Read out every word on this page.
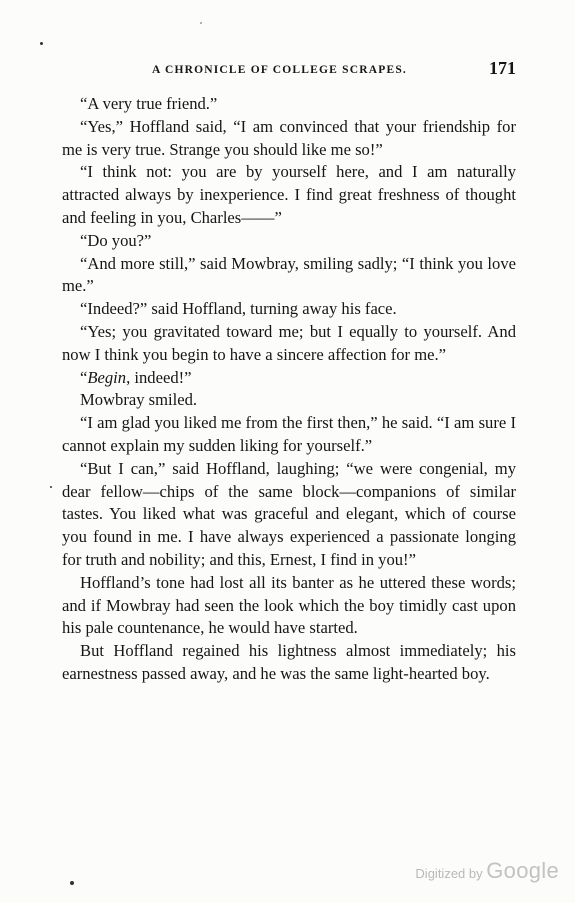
A CHRONICLE OF COLLEGE SCRAPES.	171

“A very true friend.”

“Yes,” Hoffland said, “I am convinced that your friendship for me is very true. Strange you should like me so!”

“I think not: you are by yourself here, and I am naturally attracted always by inexperience. I find great freshness of thought and feeling in you, Charles——”

“Do you?”

“And more still,” said Mowbray, smiling sadly; “I think you love me.”

“Indeed?” said Hoffland, turning away his face.

“Yes; you gravitated toward me; but I equally to yourself. And now I think you begin to have a sincere affection for me.”

“Begin, indeed!”

Mowbray smiled.

“I am glad you liked me from the first then,” he said. “I am sure I cannot explain my sudden liking for yourself.”

“But I can,” said Hoffland, laughing; “we were congenial, my dear fellow—chips of the same block—companions of similar tastes. You liked what was graceful and elegant, which of course you found in me. I have always experienced a passionate longing for truth and nobility; and this, Ernest, I find in you!”

Hoffland’s tone had lost all its banter as he uttered these words; and if Mowbray had seen the look which the boy timidly cast upon his pale countenance, he would have started.

But Hoffland regained his lightness almost immediately; his earnestness passed away, and he was the same light-hearted boy.

Digitized by Google
